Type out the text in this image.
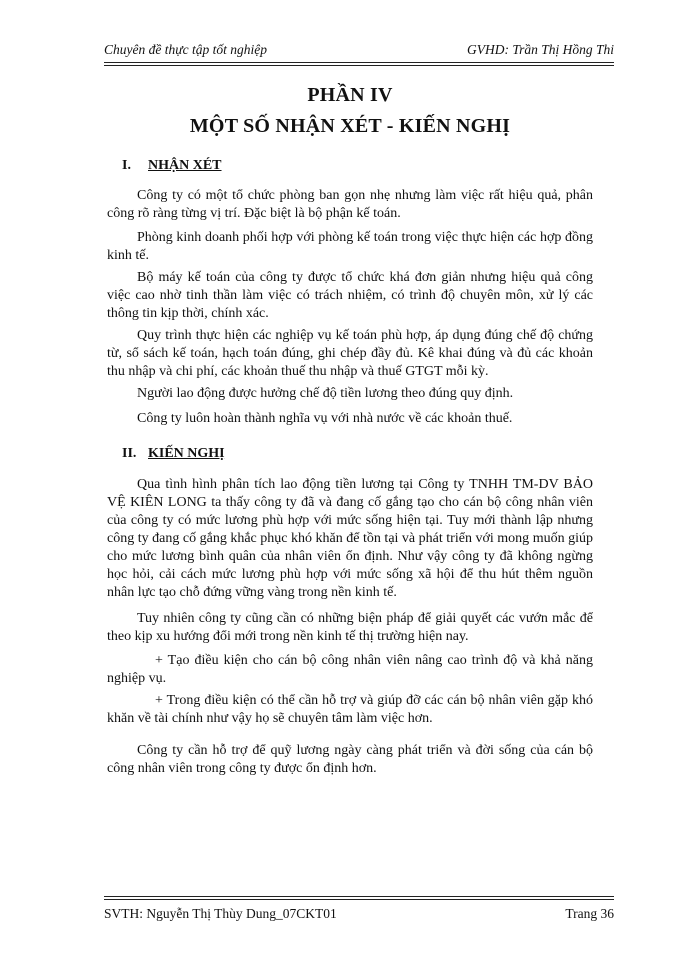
Chuyên đề thực tập tốt nghiệp	GVHD: Trần Thị Hồng Thi
PHẦN IV
MỘT SỐ NHẬN XÉT - KIẾN NGHỊ
I. NHẬN XÉT

Công ty có một tổ chức phòng ban gọn nhẹ nhưng làm việc rất hiệu quả, phân công rõ ràng từng vị trí. Đặc biệt là bộ phận kế toán.

Phòng kinh doanh phối hợp với phòng kế toán trong việc thực hiện các hợp đồng kinh tế.

Bộ máy kế toán của công ty được tổ chức khá đơn giản nhưng hiệu quả công việc cao nhờ tinh thần làm việc có trách nhiệm, có trình độ chuyên môn, xử lý các thông tin kịp thời, chính xác.

Quy trình thực hiện các nghiệp vụ kế toán phù hợp, áp dụng đúng chế độ chứng từ, sổ sách kế toán, hạch toán đúng, ghi chép đầy đủ. Kê khai đúng và đủ các khoản thu nhập và chi phí, các khoản thuế thu nhập và thuế GTGT mỗi kỳ.

Người lao động được hưởng chế độ tiền lương theo đúng quy định.

Công ty luôn hoàn thành nghĩa vụ với nhà nước về các khoản thuế.

II. KIẾN NGHỊ

Qua tình hình phân tích lao động tiền lương tại Công ty TNHH TM-DV BẢO VỆ KIÊN LONG ta thấy công ty đã và đang cố gắng tạo cho cán bộ công nhân viên của công ty có mức lương phù hợp với mức sống hiện tại. Tuy mới thành lập nhưng công ty đang cố gắng khắc phục khó khăn để tồn tại và phát triển với mong muốn giúp cho mức lương bình quân của nhân viên ổn định. Như vậy công ty đã không ngừng học hỏi, cải cách mức lương phù hợp với mức sống xã hội để thu hút thêm nguồn nhân lực tạo chỗ đứng vững vàng trong nền kinh tế.

Tuy nhiên công ty cũng cần có những biện pháp để giải quyết các vướn mắc để theo kịp xu hướng đổi mới trong nền kinh tế thị trường hiện nay.

+ Tạo điều kiện cho cán bộ công nhân viên nâng cao trình độ và khả năng nghiệp vụ.

+ Trong điều kiện có thể cần hỗ trợ và giúp đỡ các cán bộ nhân viên gặp khó khăn về tài chính như vậy họ sẽ chuyên tâm làm việc hơn.

Công ty cần hỗ trợ để quỹ lương ngày càng phát triển và đời sống của cán bộ công nhân viên trong công ty được ổn định hơn.

SVTH: Nguyễn Thị Thùy Dung_07CKT01	Trang 36
